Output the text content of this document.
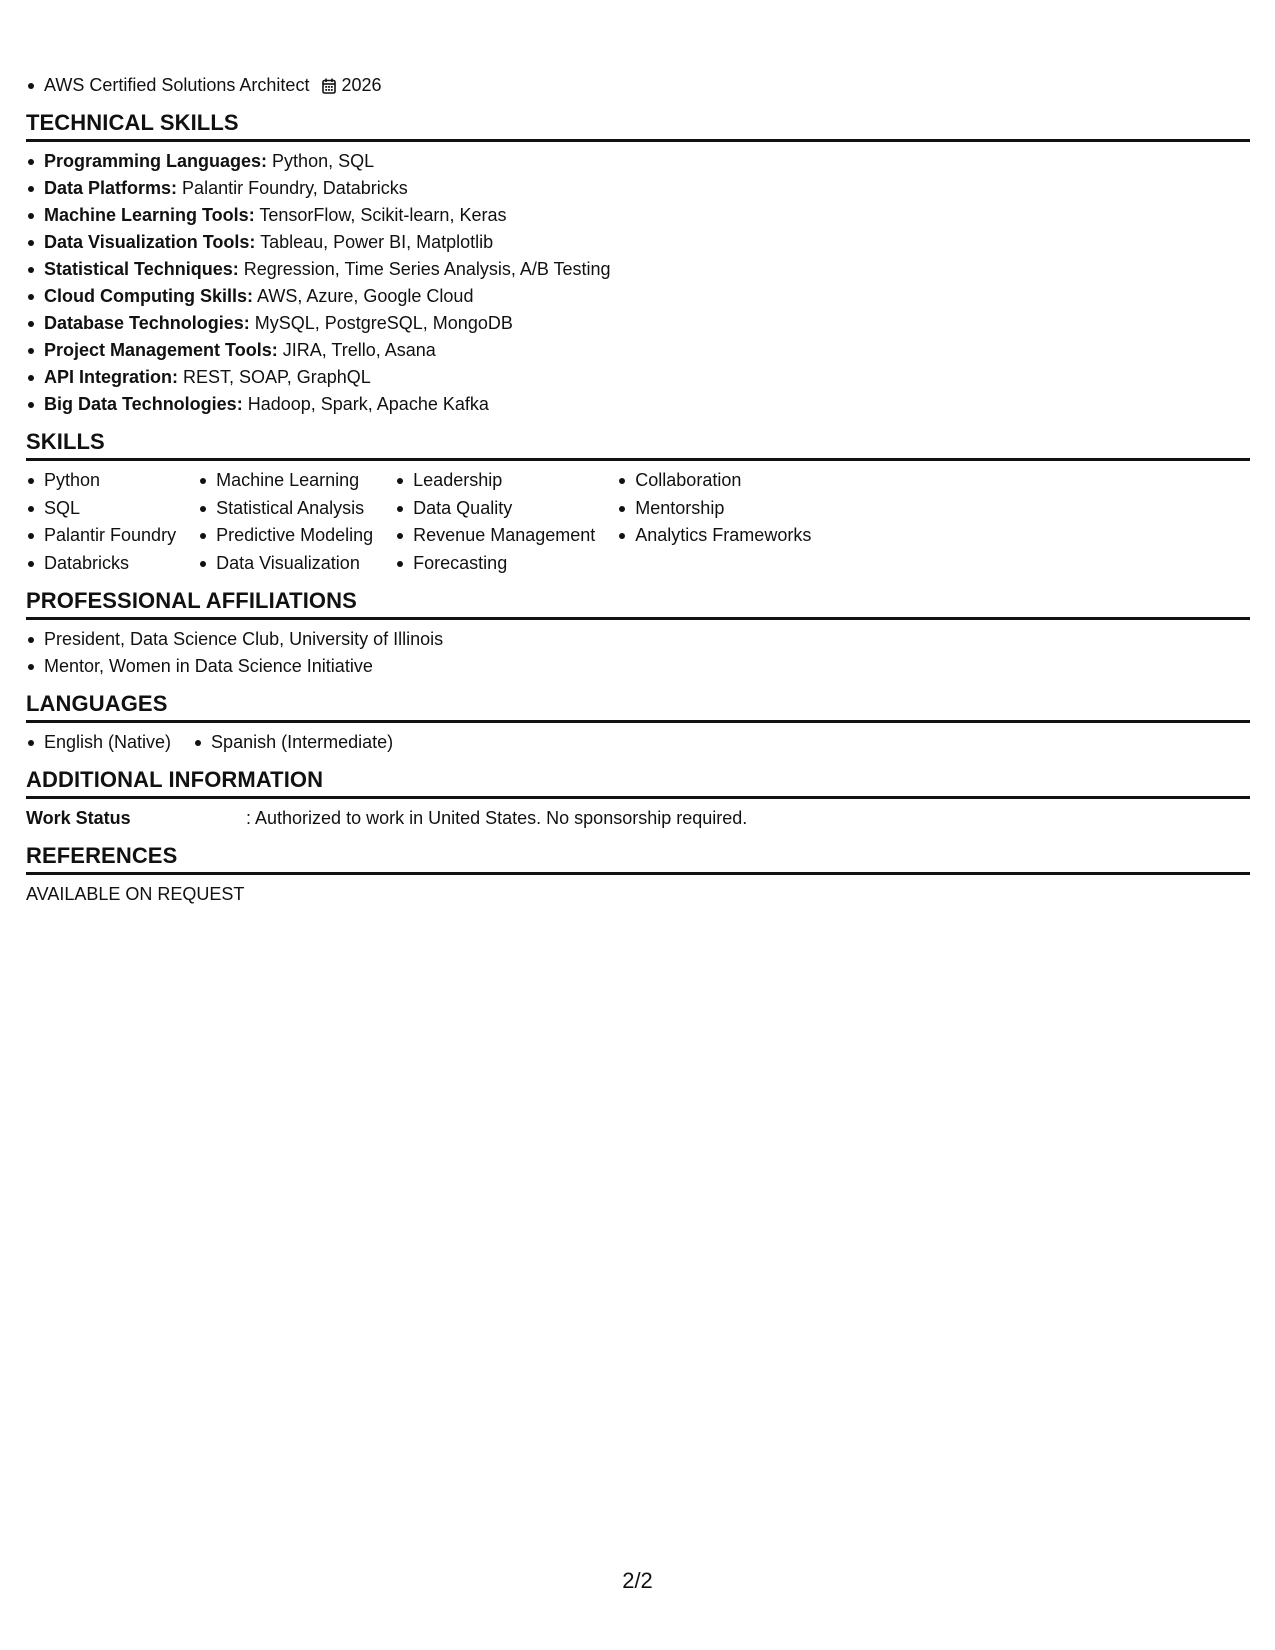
AWS Certified Solutions Architect 2026
TECHNICAL SKILLS
Programming Languages: Python, SQL
Data Platforms: Palantir Foundry, Databricks
Machine Learning Tools: TensorFlow, Scikit-learn, Keras
Data Visualization Tools: Tableau, Power BI, Matplotlib
Statistical Techniques: Regression, Time Series Analysis, A/B Testing
Cloud Computing Skills: AWS, Azure, Google Cloud
Database Technologies: MySQL, PostgreSQL, MongoDB
Project Management Tools: JIRA, Trello, Asana
API Integration: REST, SOAP, GraphQL
Big Data Technologies: Hadoop, Spark, Apache Kafka
SKILLS
Python
SQL
Palantir Foundry
Databricks
Machine Learning
Statistical Analysis
Predictive Modeling
Data Visualization
Leadership
Data Quality
Revenue Management
Forecasting
Collaboration
Mentorship
Analytics Frameworks
PROFESSIONAL AFFILIATIONS
President, Data Science Club, University of Illinois
Mentor, Women in Data Science Initiative
LANGUAGES
English (Native)	Spanish (Intermediate)
ADDITIONAL INFORMATION
Work Status	: Authorized to work in United States. No sponsorship required.
REFERENCES
AVAILABLE ON REQUEST
2/2
